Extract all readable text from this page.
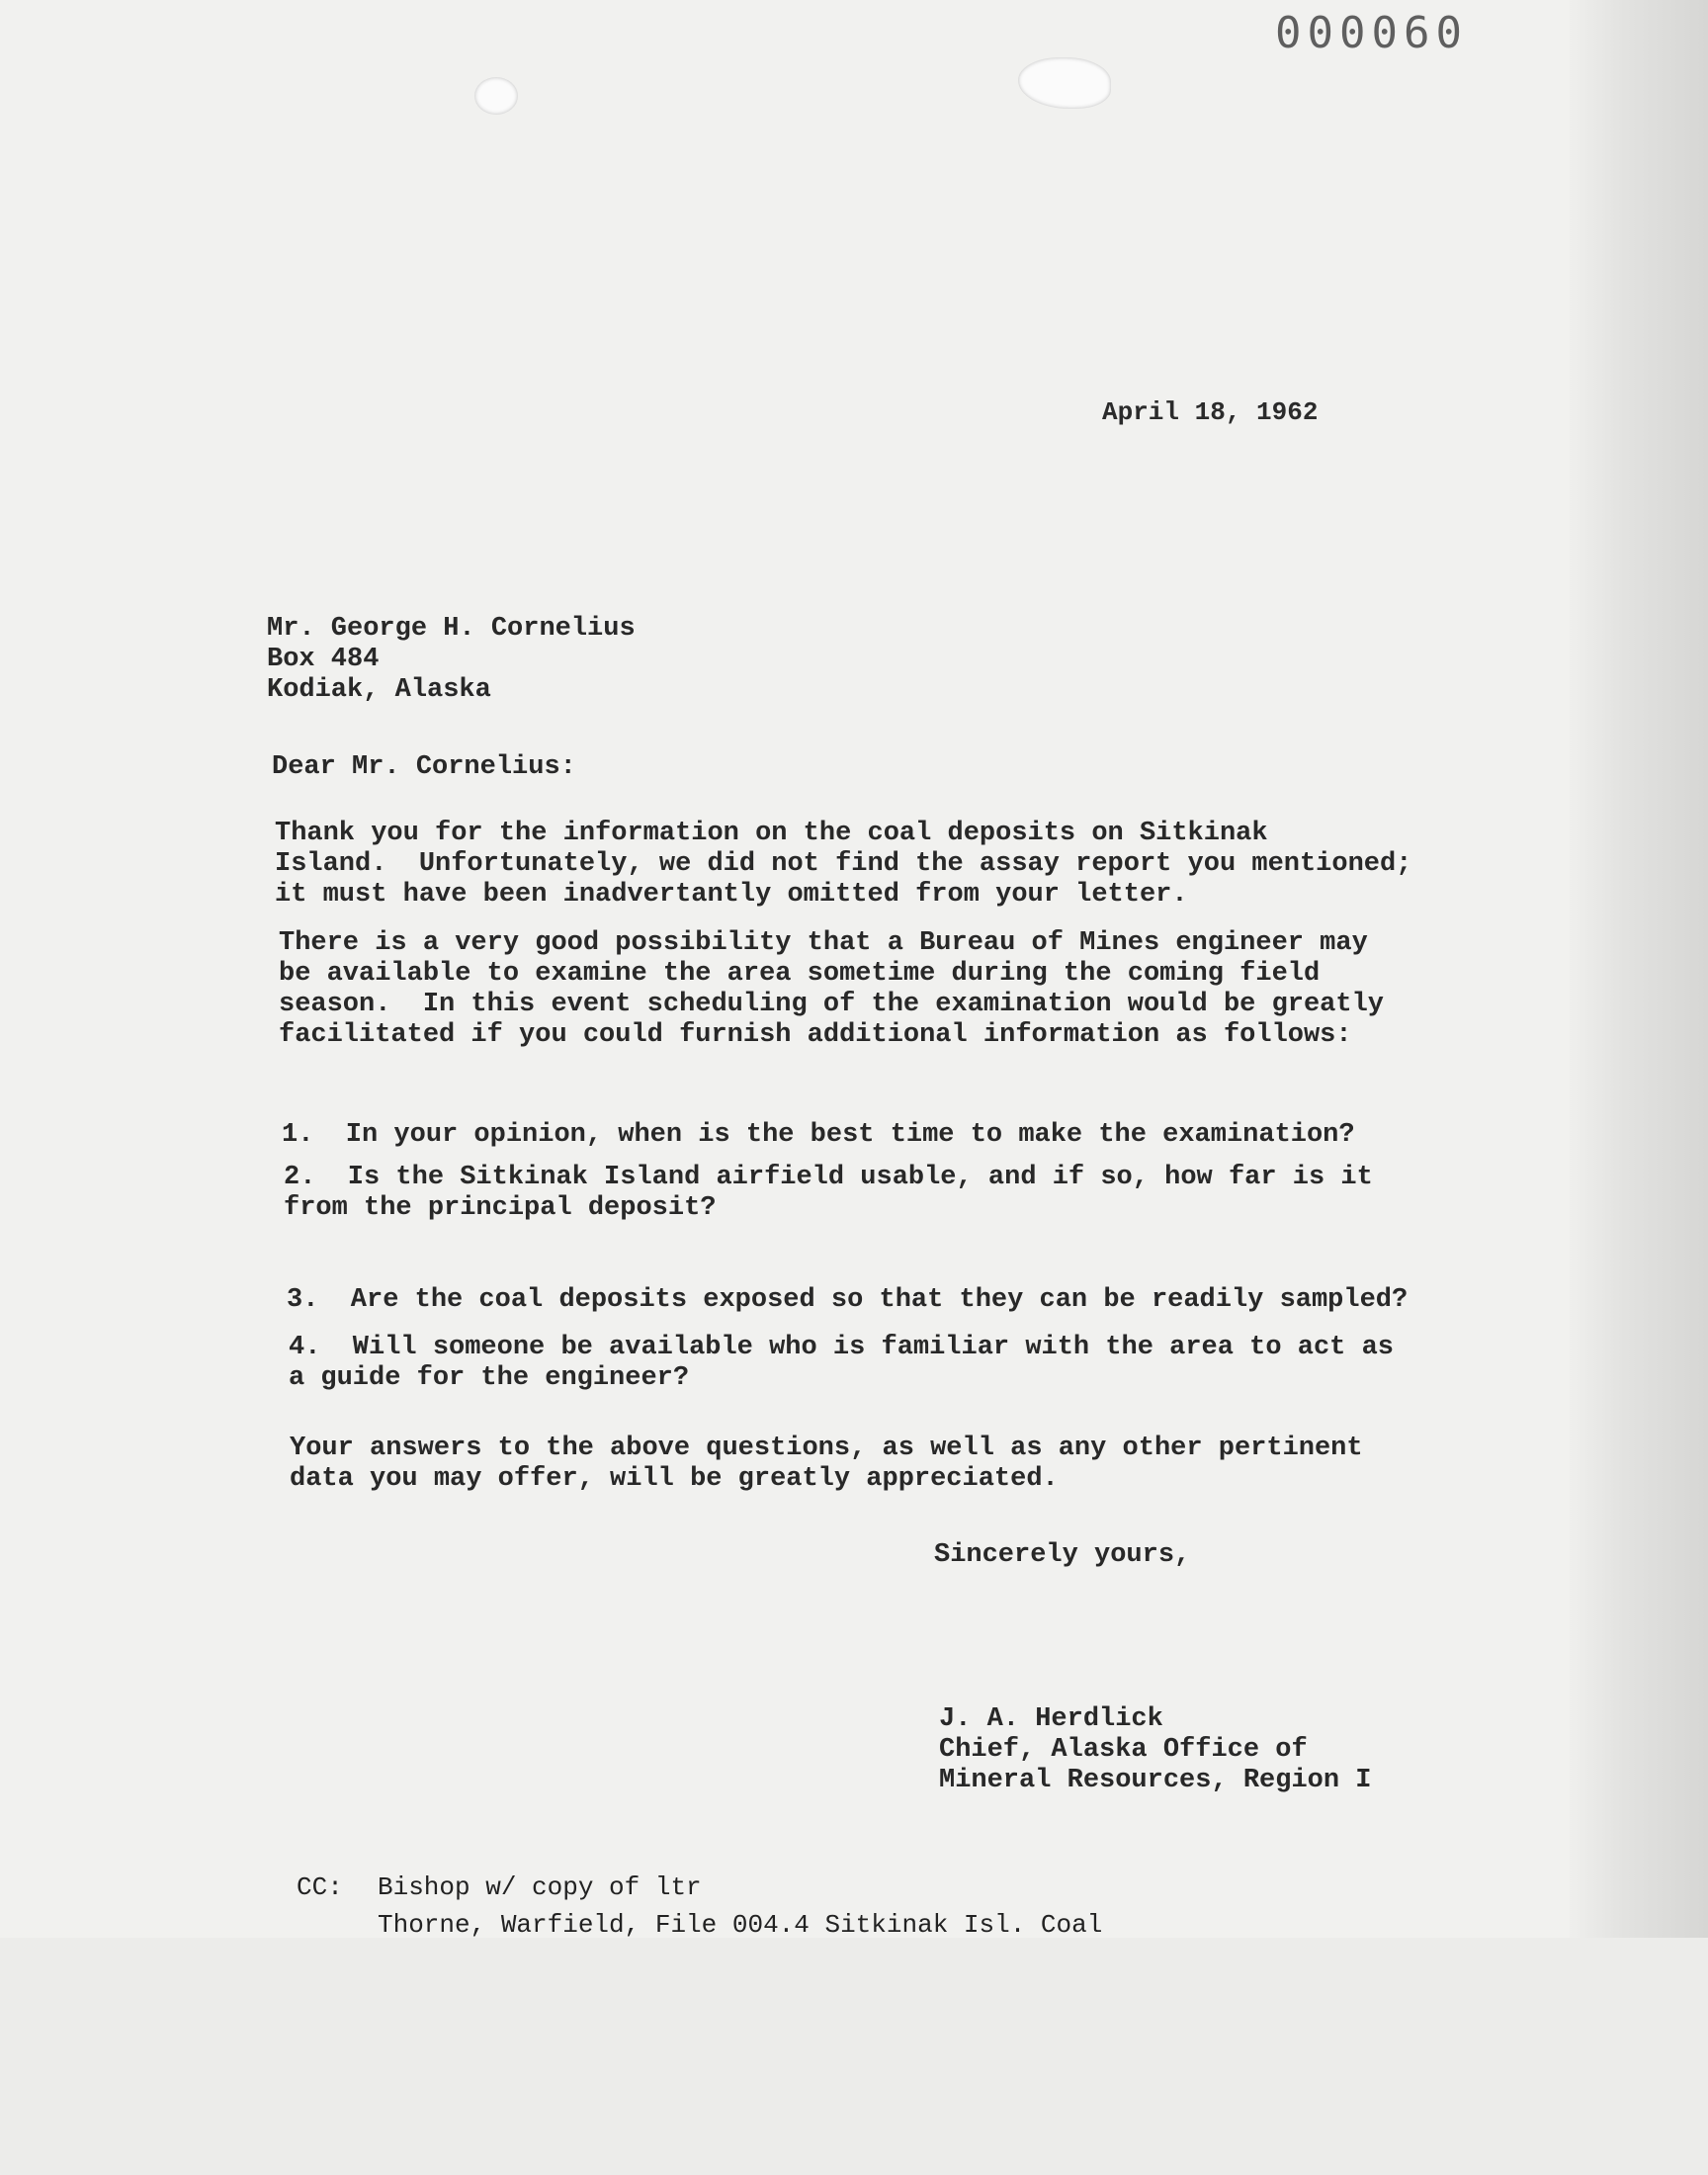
000060
April 18, 1962
Mr. George H. Cornelius
Box 484
Kodiak, Alaska
Dear Mr. Cornelius:
Thank you for the information on the coal deposits on Sitkinak
Island.  Unfortunately, we did not find the assay report you mentioned;
it must have been inadvertantly omitted from your letter.
There is a very good possibility that a Bureau of Mines engineer may
be available to examine the area sometime during the coming field
season.  In this event scheduling of the examination would be greatly
facilitated if you could furnish additional information as follows:
1.  In your opinion, when is the best time to make the examination?
2.  Is the Sitkinak Island airfield usable, and if so, how far is it
from the principal deposit?
3.  Are the coal deposits exposed so that they can be readily sampled?
4.  Will someone be available who is familiar with the area to act as
a guide for the engineer?
Your answers to the above questions, as well as any other pertinent
data you may offer, will be greatly appreciated.
Sincerely yours,
J. A. Herdlick
Chief, Alaska Office of
Mineral Resources, Region I
CC: Bishop w/ copy of ltr
Thorne, Warfield, File 004.4 Sitkinak Isl. Coal
